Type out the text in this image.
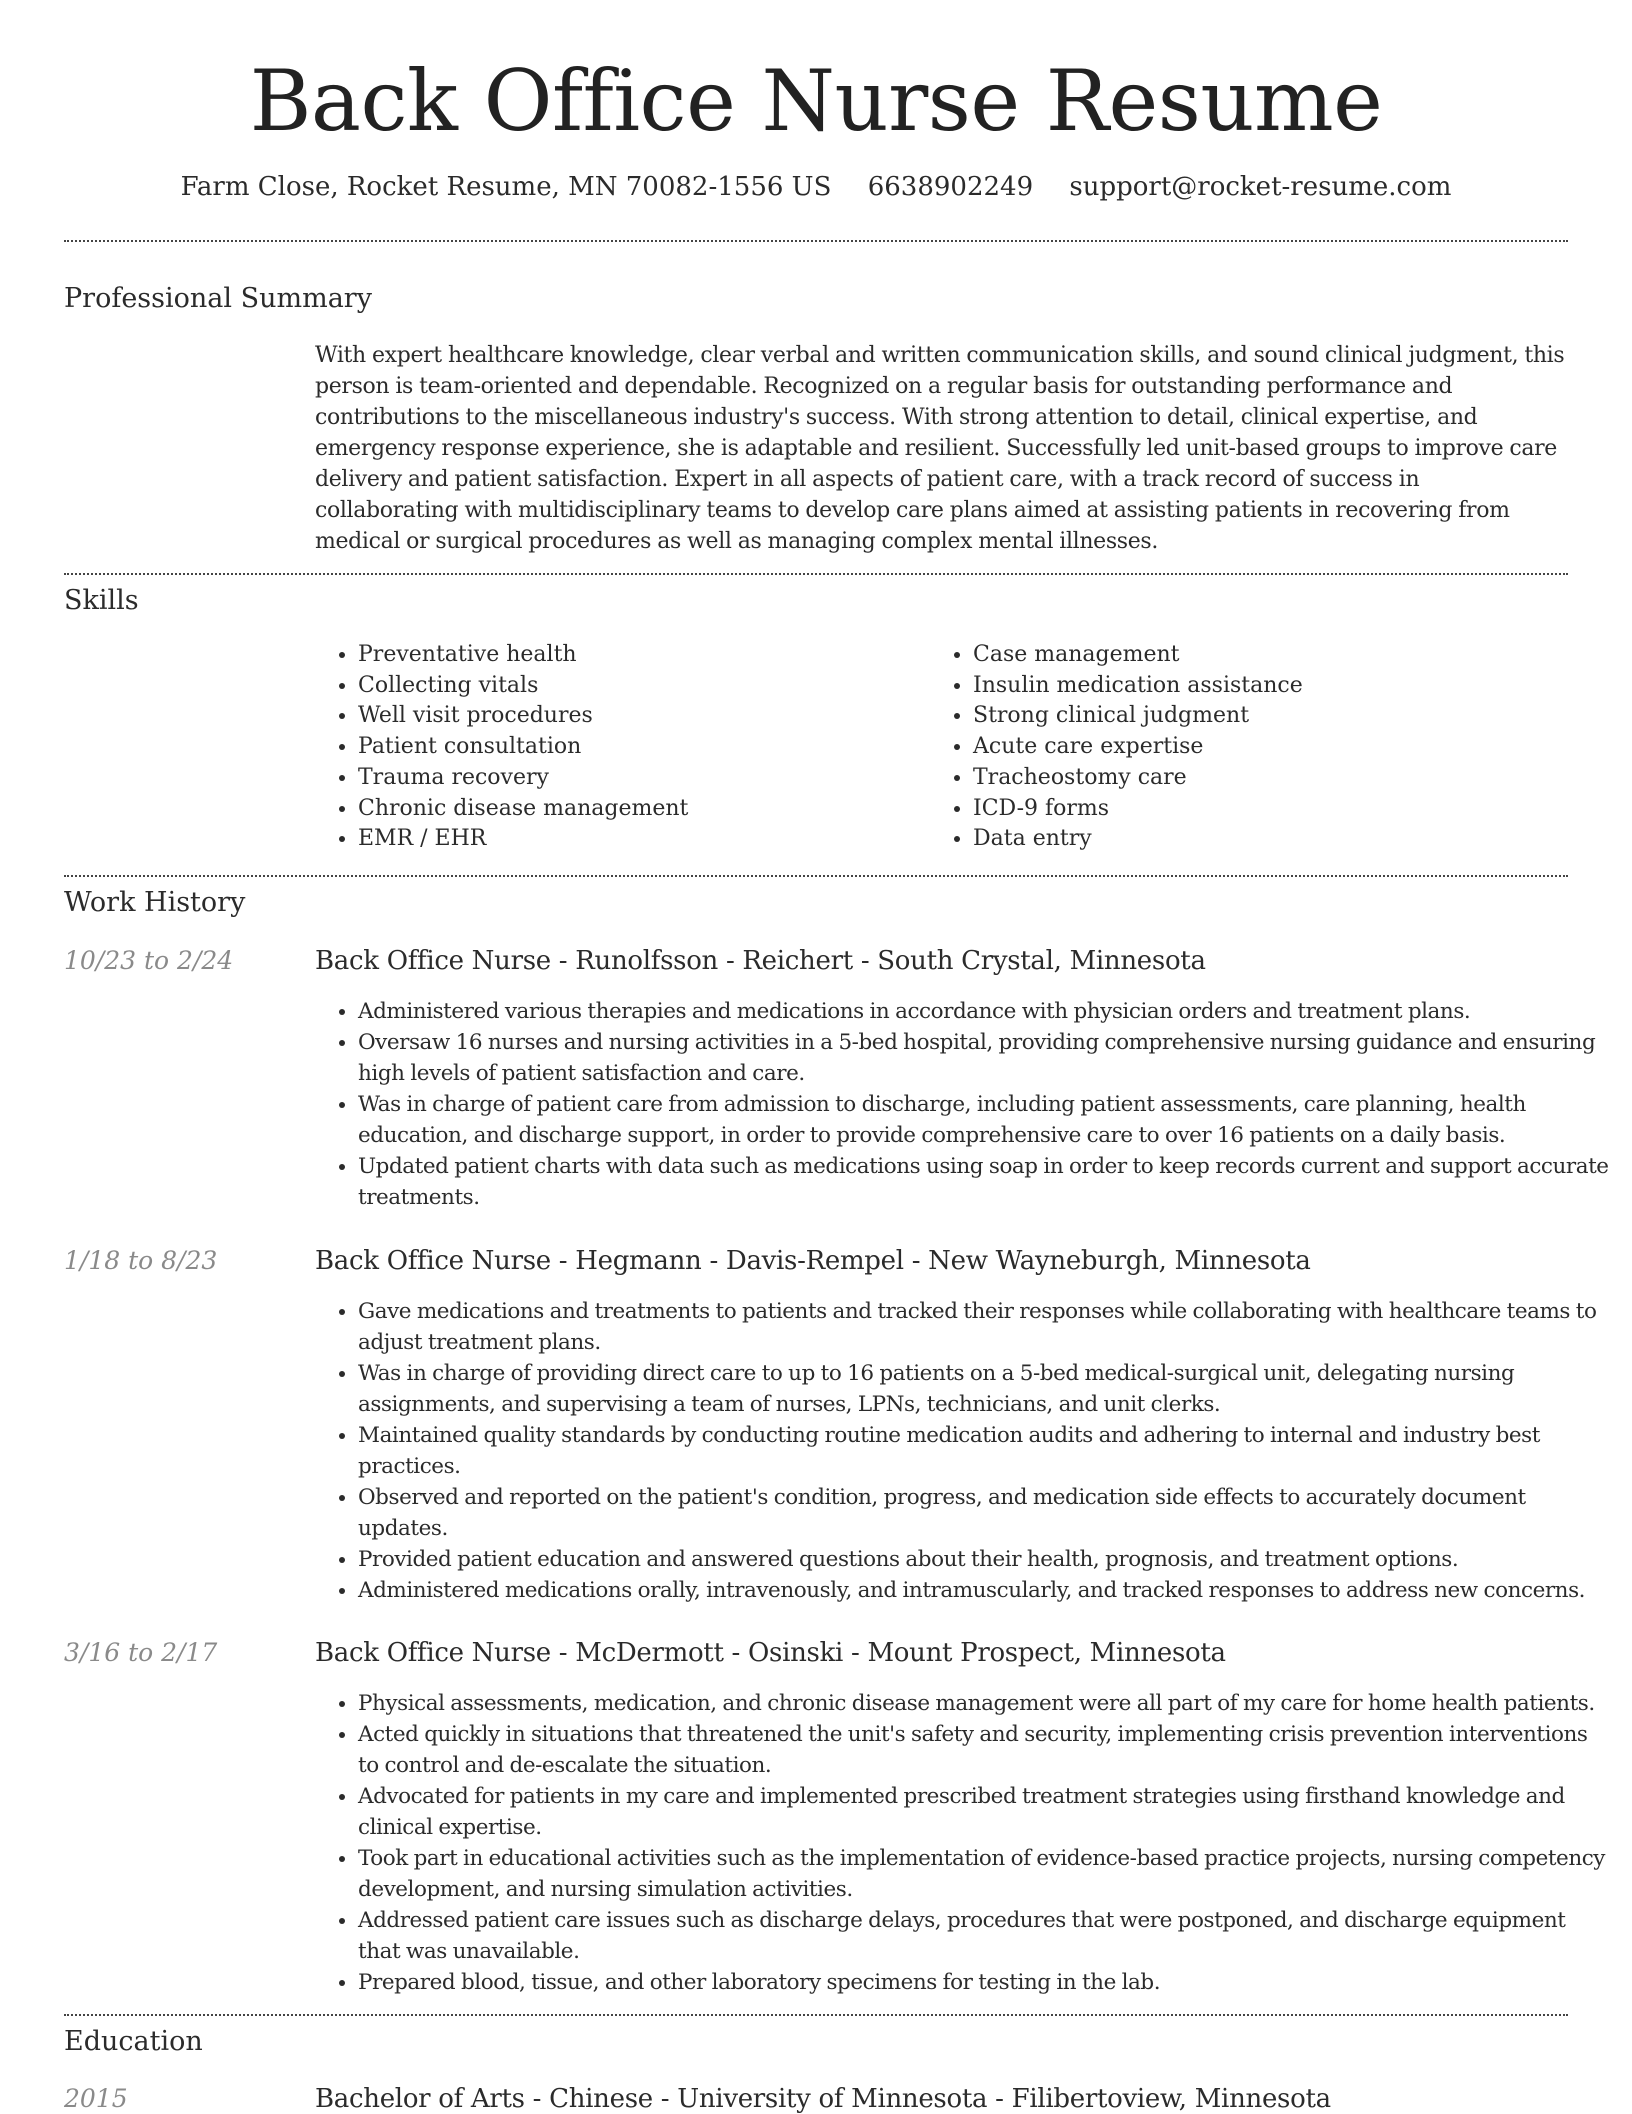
Back Office Nurse Resume
Farm Close, Rocket Resume, MN 70082-1556 US 6638902249 support@rocket-resume.com
Professional Summary
With expert healthcare knowledge, clear verbal and written communication skills, and sound clinical judgment, this person is team-oriented and dependable. Recognized on a regular basis for outstanding performance and contributions to the miscellaneous industry's success. With strong attention to detail, clinical expertise, and emergency response experience, she is adaptable and resilient. Successfully led unit-based groups to improve care delivery and patient satisfaction. Expert in all aspects of patient care, with a track record of success in collaborating with multidisciplinary teams to develop care plans aimed at assisting patients in recovering from medical or surgical procedures as well as managing complex mental illnesses.
Skills
• Preventative health
• Collecting vitals
• Well visit procedures
• Patient consultation
• Trauma recovery
• Chronic disease management
• EMR / EHR
• Case management
• Insulin medication assistance
• Strong clinical judgment
• Acute care expertise
• Tracheostomy care
• ICD-9 forms
• Data entry
Work History
10/23 to 2/24	Back Office Nurse - Runolfsson - Reichert - South Crystal, Minnesota
• Administered various therapies and medications in accordance with physician orders and treatment plans.
• Oversaw 16 nurses and nursing activities in a 5-bed hospital, providing comprehensive nursing guidance and ensuring high levels of patient satisfaction and care.
• Was in charge of patient care from admission to discharge, including patient assessments, care planning, health education, and discharge support, in order to provide comprehensive care to over 16 patients on a daily basis.
• Updated patient charts with data such as medications using soap in order to keep records current and support accurate treatments.
1/18 to 8/23	Back Office Nurse - Hegmann - Davis-Rempel - New Wayneburgh, Minnesota
• Gave medications and treatments to patients and tracked their responses while collaborating with healthcare teams to adjust treatment plans.
• Was in charge of providing direct care to up to 16 patients on a 5-bed medical-surgical unit, delegating nursing assignments, and supervising a team of nurses, LPNs, technicians, and unit clerks.
• Maintained quality standards by conducting routine medication audits and adhering to internal and industry best practices.
• Observed and reported on the patient's condition, progress, and medication side effects to accurately document updates.
• Provided patient education and answered questions about their health, prognosis, and treatment options.
• Administered medications orally, intravenously, and intramuscularly, and tracked responses to address new concerns.
3/16 to 2/17	Back Office Nurse - McDermott - Osinski - Mount Prospect, Minnesota
• Physical assessments, medication, and chronic disease management were all part of my care for home health patients.
• Acted quickly in situations that threatened the unit's safety and security, implementing crisis prevention interventions to control and de-escalate the situation.
• Advocated for patients in my care and implemented prescribed treatment strategies using firsthand knowledge and clinical expertise.
• Took part in educational activities such as the implementation of evidence-based practice projects, nursing competency development, and nursing simulation activities.
• Addressed patient care issues such as discharge delays, procedures that were postponed, and discharge equipment that was unavailable.
• Prepared blood, tissue, and other laboratory specimens for testing in the lab.
Education
2015	Bachelor of Arts - Chinese - University of Minnesota - Filibertoview, Minnesota
